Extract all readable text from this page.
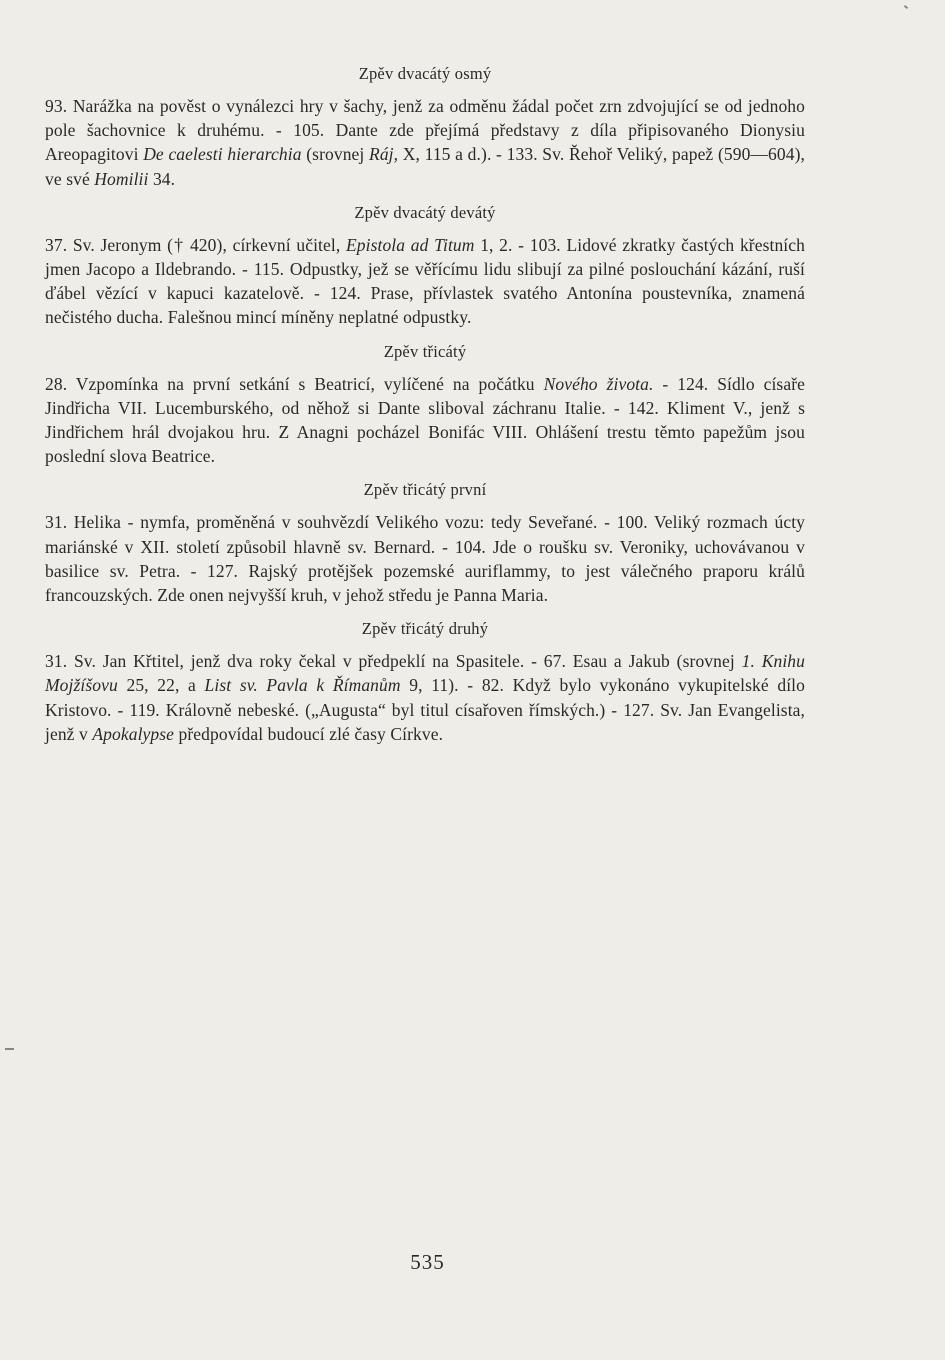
Zpěv dvacátý osmý

93. Narážka na pověst o vynálezci hry v šachy, jenž za odměnu žádal počet zrn zdvojující se od jednoho pole šachovnice k druhému. - 105. Dante zde přejímá představy z díla připisovaného Dionysiu Areopagitovi De caelesti hierarchia (srovnej Ráj, X, 115 a d.). - 133. Sv. Řehoř Veliký, papež (590—604), ve své Homilii 34.

Zpěv dvacátý devátý

37. Sv. Jeronym († 420), církevní učitel, Epistola ad Titum 1, 2. - 103. Lidové zkratky častých křestních jmen Jacopo a Ildebrando. - 115. Odpustky, jež se věřícímu lidu slibují za pilné poslouchání kázání, ruší ďábel vězící v kapuci kazatelově. - 124. Prase, přívlastek svatého Antonína poustevníka, znamená nečistého ducha. Falešnou mincí míněny neplatné odpustky.

Zpěv třicátý

28. Vzpomínka na první setkání s Beatricí, vylíčené na počátku Nového života. - 124. Sídlo císaře Jindřicha VII. Lucemburského, od něhož si Dante sliboval záchranu Italie. - 142. Kliment V., jenž s Jindřichem hrál dvojakou hru. Z Anagni pocházel Bonifác VIII. Ohlášení trestu těmto papežům jsou poslední slova Beatrice.

Zpěv třicátý první

31. Helika - nymfa, proměněná v souhvězdí Velikého vozu: tedy Seveřané. - 100. Veliký rozmach úcty mariánské v XII. století způsobil hlavně sv. Bernard. - 104. Jde o roušku sv. Veroniky, uchovávanou v basilice sv. Petra. - 127. Rajský protějšek pozemské auriflammy, to jest válečného praporu králů francouzských. Zde onen nejvyšší kruh, v jehož středu je Panna Maria.

Zpěv třicátý druhý

31. Sv. Jan Křtitel, jenž dva roky čekal v předpeklí na Spasitele. - 67. Esau a Jakub (srovnej 1. Knihu Mojžíšovu 25, 22, a List sv. Pavla k Římanům 9, 11). - 82. Když bylo vykonáno vykupitelské dílo Kristovo. - 119. Královně nebeské. („Augusta“ byl titul císařoven římských.) - 127. Sv. Jan Evangelista, jenž v Apokalypse předpovídal budoucí zlé časy Církve.

535
